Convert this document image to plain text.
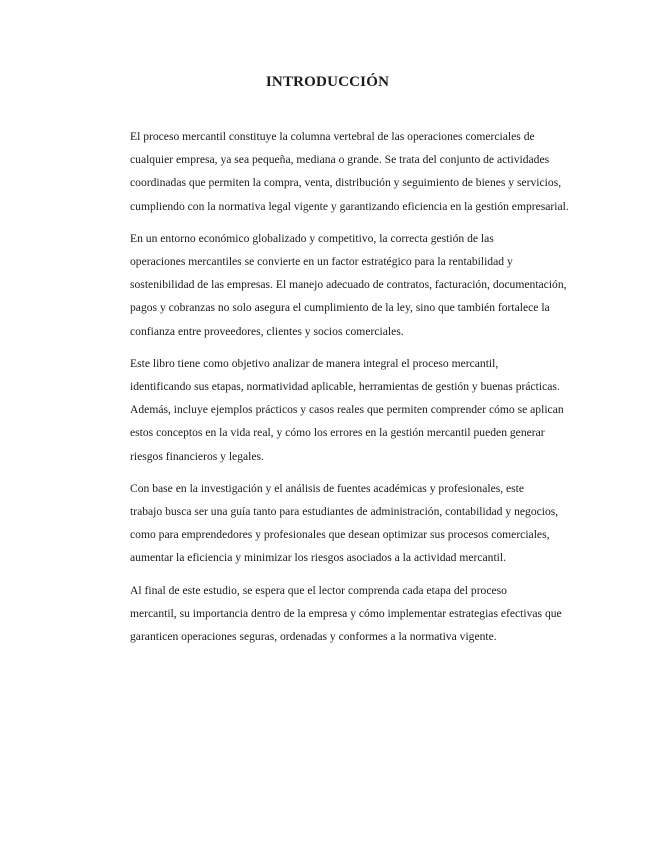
INTRODUCCIÓN

El proceso mercantil constituye la columna vertebral de las operaciones comerciales de
cualquier empresa, ya sea pequeña, mediana o grande. Se trata del conjunto de actividades
coordinadas que permiten la compra, venta, distribución y seguimiento de bienes y servicios,
cumpliendo con la normativa legal vigente y garantizando eficiencia en la gestión empresarial.

En un entorno económico globalizado y competitivo, la correcta gestión de las
operaciones mercantiles se convierte en un factor estratégico para la rentabilidad y
sostenibilidad de las empresas. El manejo adecuado de contratos, facturación, documentación,
pagos y cobranzas no solo asegura el cumplimiento de la ley, sino que también fortalece la
confianza entre proveedores, clientes y socios comerciales.

Este libro tiene como objetivo analizar de manera integral el proceso mercantil,
identificando sus etapas, normatividad aplicable, herramientas de gestión y buenas prácticas.
Además, incluye ejemplos prácticos y casos reales que permiten comprender cómo se aplican
estos conceptos en la vida real, y cómo los errores en la gestión mercantil pueden generar
riesgos financieros y legales.

Con base en la investigación y el análisis de fuentes académicas y profesionales, este
trabajo busca ser una guía tanto para estudiantes de administración, contabilidad y negocios,
como para emprendedores y profesionales que desean optimizar sus procesos comerciales,
aumentar la eficiencia y minimizar los riesgos asociados a la actividad mercantil.

Al final de este estudio, se espera que el lector comprenda cada etapa del proceso
mercantil, su importancia dentro de la empresa y cómo implementar estrategias efectivas que
garanticen operaciones seguras, ordenadas y conformes a la normativa vigente.
